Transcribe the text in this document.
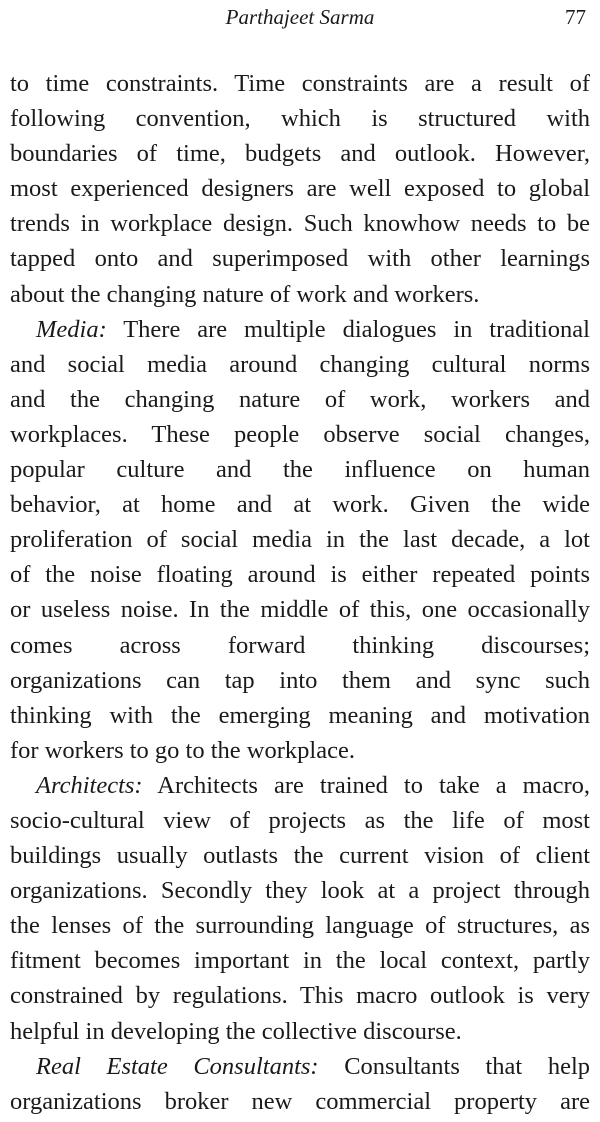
Parthajeet Sarma	77

to time constraints. Time constraints are a result of
following convention, which is structured with
boundaries of time, budgets and outlook. However,
most experienced designers are well exposed to global
trends in workplace design. Such knowhow needs to be
tapped onto and superimposed with other learnings
about the changing nature of work and workers.

Media: There are multiple dialogues in traditional
and social media around changing cultural norms
and the changing nature of work, workers and
workplaces. These people observe social changes,
popular culture and the influence on human
behavior, at home and at work. Given the wide
proliferation of social media in the last decade, a lot
of the noise floating around is either repeated points
or useless noise. In the middle of this, one occasionally
comes across forward thinking discourses;
organizations can tap into them and sync such
thinking with the emerging meaning and motivation
for workers to go to the workplace.

Architects: Architects are trained to take a macro,
socio-cultural view of projects as the life of most
buildings usually outlasts the current vision of client
organizations. Secondly they look at a project through
the lenses of the surrounding language of structures, as
fitment becomes important in the local context, partly
constrained by regulations. This macro outlook is very
helpful in developing the collective discourse.

Real Estate Consultants: Consultants that help
organizations broker new commercial property are
